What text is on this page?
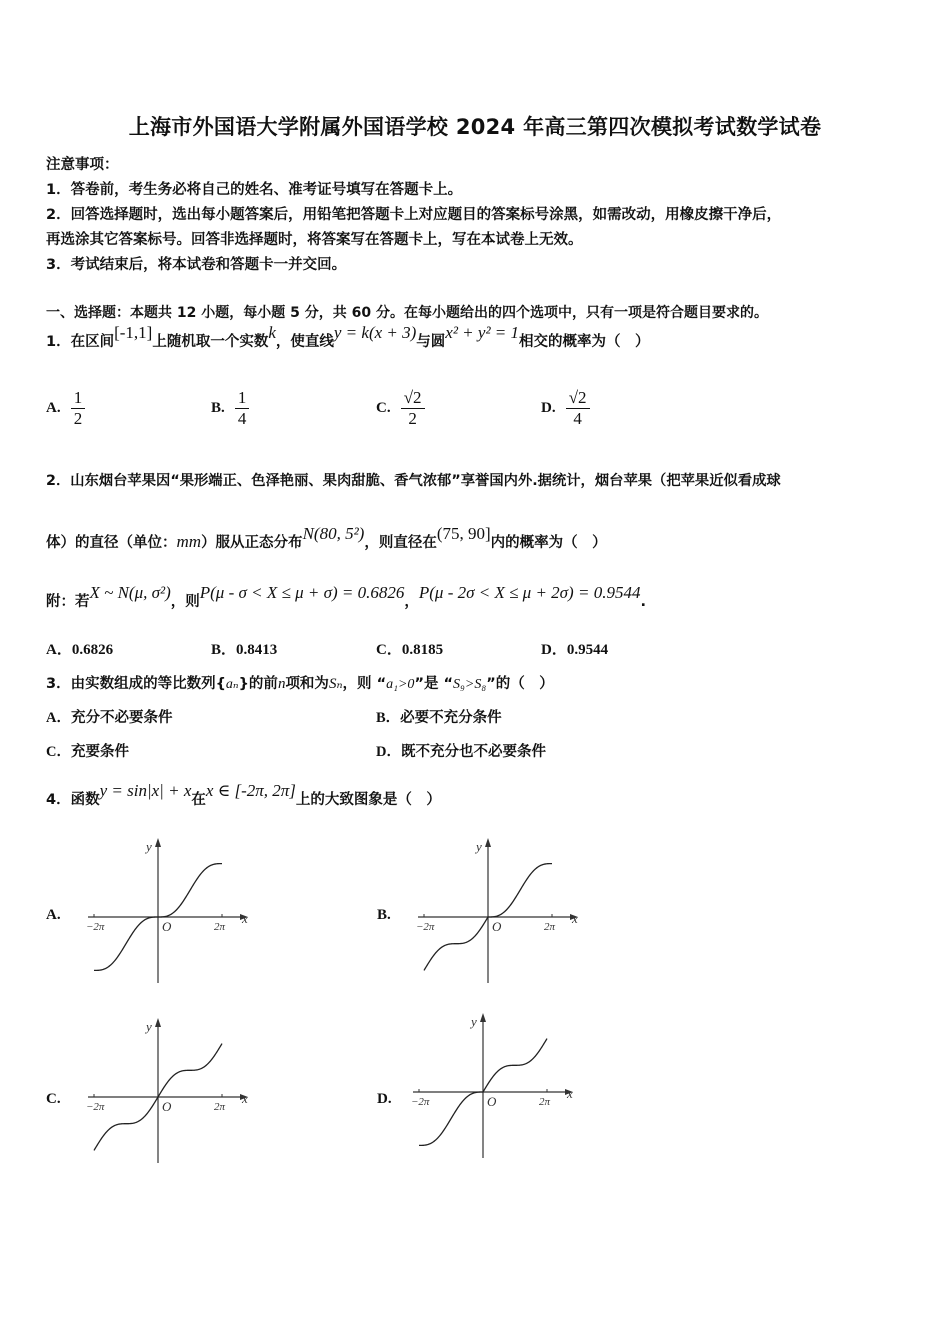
上海市外国语大学附属外国语学校 2024 年高三第四次模拟考试数学试卷
注意事项：
1．答卷前，考生务必将自己的姓名、准考证号填写在答题卡上。
2．回答选择题时，选出每小题答案后，用铅笔把答题卡上对应题目的答案标号涂黑，如需改动，用橡皮擦干净后，
再选涂其它答案标号。回答非选择题时，将答案写在答题卡上，写在本试卷上无效。
3．考试结束后，将本试卷和答题卡一并交回。
一、选择题：本题共 12 小题，每小题 5 分，共 60 分。在每小题给出的四个选项中，只有一项是符合题目要求的。
1．在区间[-1,1]上随机取一个实数k，使直线y = k(x + 3)与圆x² + y² = 1相交的概率为（　）
A. $\frac{1}{2}$	B. $\frac{1}{4}$	C. $\frac{√2}{2}$	D. $\frac{√2}{4}$
2．山东烟台苹果因“果形端正、色泽艳丽、果肉甜脆、香气浓郁”享誉国内外.据统计，烟台苹果（把苹果近似看成球
体）的直径（单位：mm）服从正态分布N(80, 5²)，则直径在(75, 90]内的概率为（　）
附：若X ~ N(μ, σ²)，则P(μ - σ < X ≤ μ + σ) = 0.6826，P(μ - 2σ < X ≤ μ + 2σ) = 0.9544.
A．0.6826	B．0.8413	C．0.8185	D．0.9544
3．由实数组成的等比数列{aₙ}的前n项和为Sₙ，则 “a₁>0”是 “S₉>S₈”的（　）
A．充分不必要条件	B．必要不充分条件
C．充要条件	D．既不充分也不必要条件
4．函数y = sin|x| + x在x ∈ [-2π, 2π]上的大致图象是（　）
A.
−2π	2π
O
x
y
B.
−2π	2π
O
x
y
C. −2π	2π
O
x
y
D. −2π	2π
O
x
y
